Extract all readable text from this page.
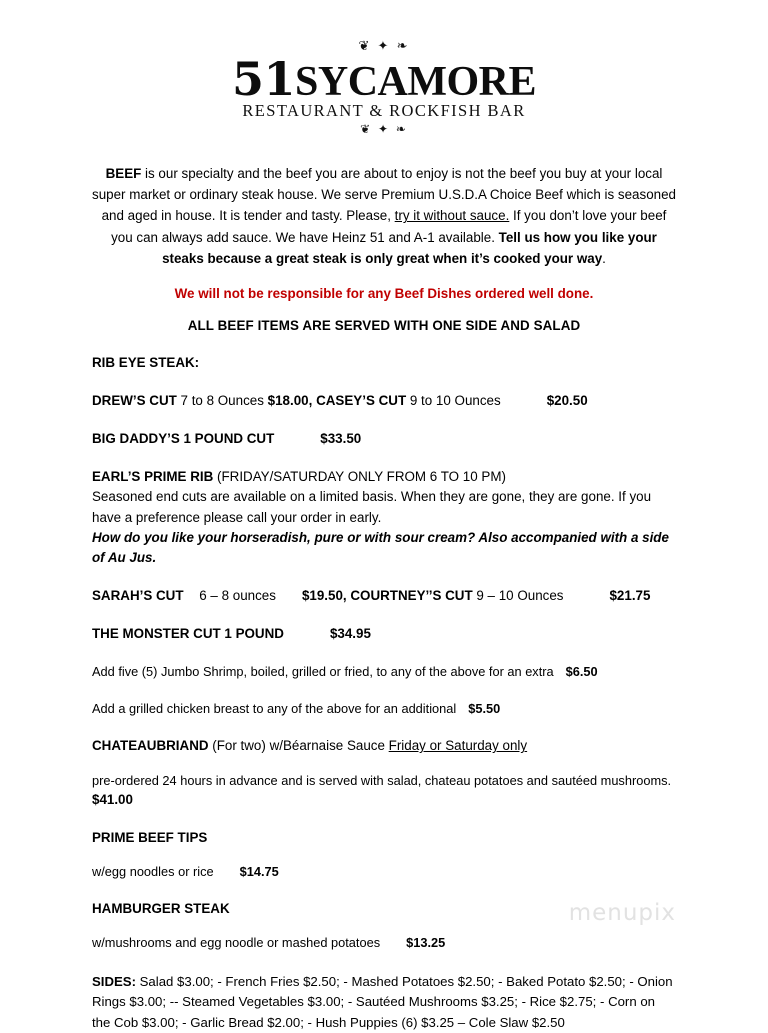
❦ ✦ ❧
51SYCAMORE
RESTAURANT & ROCKFISH BAR
❦ ✦ ❧

BEEF is our specialty and the beef you are about to enjoy is not the beef you buy at your local super market or ordinary steak house. We serve Premium U.S.D.A Choice Beef which is seasoned and aged in house. It is tender and tasty. Please, try it without sauce. If you don’t love your beef you can always add sauce. We have Heinz 51 and A-1 available. Tell us how you like your steaks because a great steak is only great when it’s cooked your way.

We will not be responsible for any Beef Dishes ordered well done.
ALL BEEF ITEMS ARE SERVED WITH ONE SIDE AND SALAD
RIB EYE STEAK:
DREW’S CUT 7 to 8 Ounces $18.00, CASEY’S CUT 9 to 10 Ounces	$20.50
BIG DADDY’S 1 POUND CUT	$33.50
EARL’S PRIME RIB (FRIDAY/SATURDAY ONLY FROM 6 TO 10 PM)
Seasoned end cuts are available on a limited basis. When they are gone, they are gone. If you have a preference please call your order in early.
How do you like your horseradish, pure or with sour cream? Also accompanied with a side of Au Jus.
SARAH’S CUT 6 – 8 ounces $19.50, COURTNEY’’S CUT 9 – 10 Ounces	$21.75
THE MONSTER CUT 1 POUND	$34.95
Add five (5) Jumbo Shrimp, boiled, grilled or fried, to any of the above for an extra $6.50
Add a grilled chicken breast to any of the above for an additional $5.50
CHATEAUBRIAND (For two) w/Béarnaise Sauce Friday or Saturday only
pre-ordered 24 hours in advance and is served with salad, chateau potatoes and sautéed mushrooms.
$41.00
PRIME BEEF TIPS
w/egg noodles or rice $14.75
HAMBURGER STEAK
w/mushrooms and egg noodle or mashed potatoes $13.25
SIDES: Salad $3.00; - French Fries $2.50; - Mashed Potatoes $2.50; - Baked Potato $2.50; - Onion Rings $3.00; -- Steamed Vegetables $3.00; - Sautéed Mushrooms $3.25; - Rice $2.75; - Corn on the Cob $3.00; - Garlic Bread $2.00; - Hush Puppies (6) $3.25 – Cole Slaw $2.50
menupix
